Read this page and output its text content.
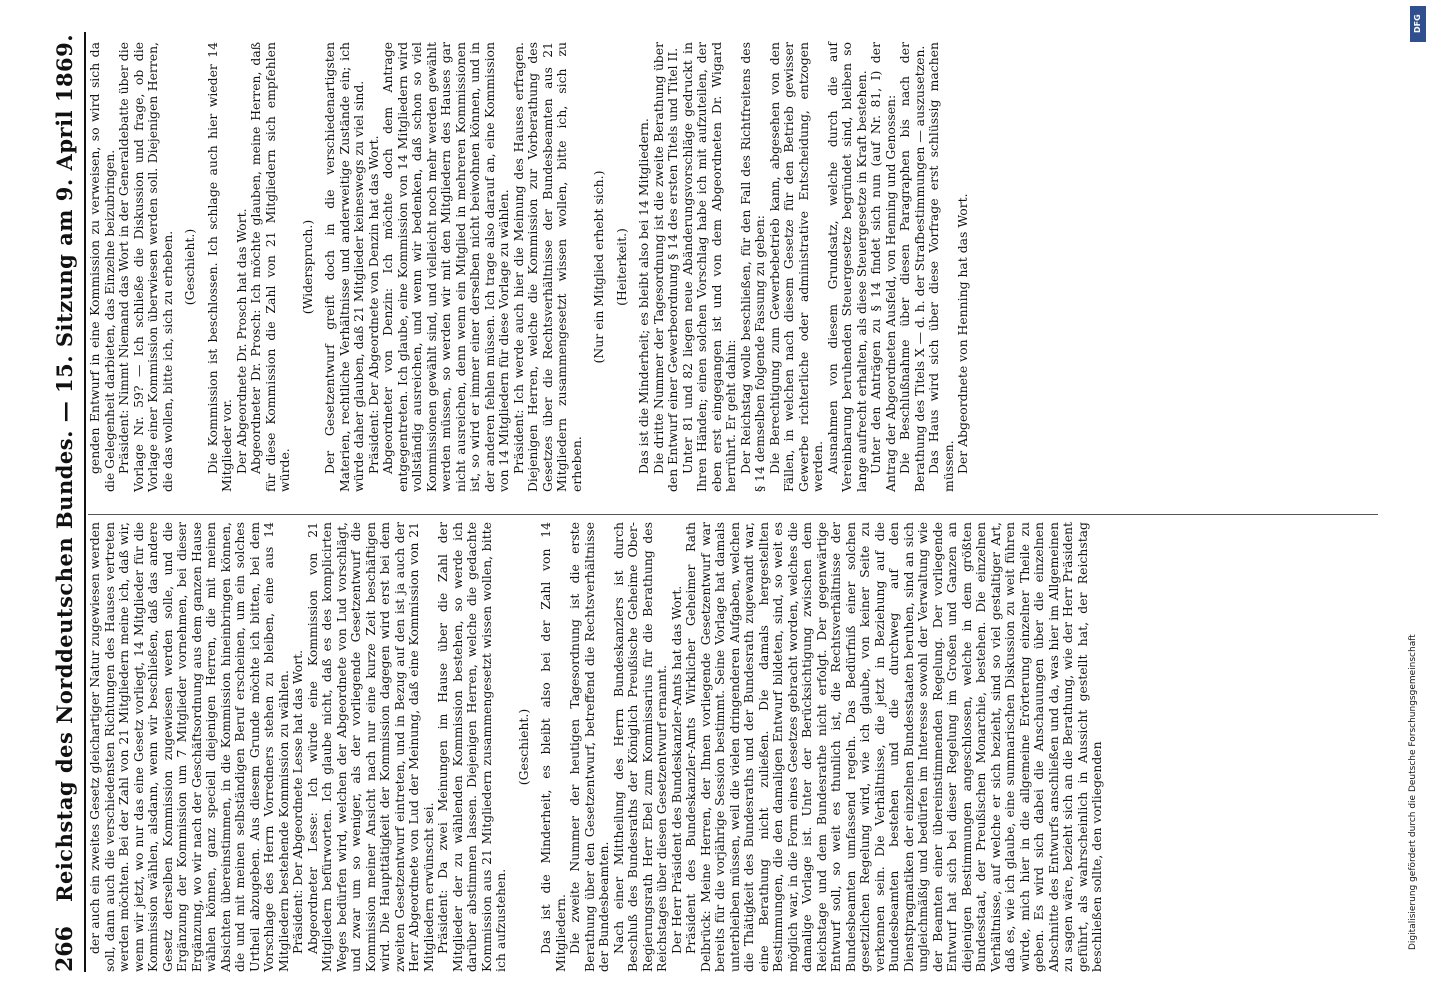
266
Reichstag des Norddeutschen Bundes. — 15. Sitzung am 9. April 1869. der auch ein zweites Gesetz gleichartiger Natur zugewiesen werden soll, dann auch die verschiedensten Richtungen des Hauses vertreten werden möchten. Bei der Zahl von 21 Mitgliedern meine ich, daß wir, wenn wir jetzt, wo nur das eine Gesetz vorliegt, 14 Mitglieder für die Kommission wählen, alsdann, wenn wir beschließen, daß das andere Gesetz derselben Kommission zugewiesen werden solle, und die Ergänzung der Kommission um 7 Mitglieder vornehmen, bei dieser Ergänzung, wo wir nach der Geschäftsordnung aus dem ganzen Hause wählen können, ganz speciell diejenigen Herren, die mit meinen Absichten übereinstimmen, in die Kommission hineinbringen können, die und mit meinen selbständigen Beruf erscheinen, um ein solches Urtheil abzugeben. Aus diesem Grunde möchte ich bitten, bei dem Vorschlage des Herrn Vorredners stehen zu bleiben, eine aus 14 Mitgliedern bestehende Kommission zu wählen. Präsident: Der Abgeordnete Lesse hat das Wort. Abgeordneter Lesse: Ich würde eine Kommission von 21 Mitgliedern befürworten. Ich glaube nicht, daß es des komplicirten Weges bedürfen wird, welchen der Abgeordnete von Lud vorschlägt, und zwar um so weniger, als der vorliegende Gesetzentwurf die Kommission meiner Ansicht nach nur eine kurze Zeit beschäftigen wird. Die Haupttätigkeit der Kommission dagegen wird erst bei dem zweiten Gesetzentwurf eintreten, und in Bezug auf den ist ja auch der Herr Abgeordnete von Lud der Meinung, daß eine Kommission von 21 Mitgliedern erwünscht sei. Präsident: Da zwei Meinungen im Hause über die Zahl der Mitglieder der zu wählenden Kommission bestehen, so werde ich darüber abstimmen lassen. Diejenigen Herren, welche die gedachte Kommission aus 21 Mitgliedern zusammengesetzt wissen wollen, bitte ich aufzustehen.

(Geschieht.) Das ist die Minderheit, es bleibt also bei der Zahl von 14 Mitgliedern. Die zweite Nummer der heutigen Tagesordnung ist die erste Berathung über den Gesetzentwurf, betreffend die Rechtsverhältnisse der Bundesbeamten. Nach einer Mittheilung des Herrn Bundeskanzlers ist durch Beschluß des Bundesraths der Königlich Preußische Geheime Ober-Regierungsrath Herr Ebel zum Kommissarius für die Berathung des Reichstages über diesen Gesetzentwurf ernannt. Der Herr Präsident des Bundeskanzler-Amts hat das Wort. Präsident des Bundeskanzler-Amts Wirklicher Geheimer Rath Delbrück: Meine Herren, der Ihnen vorliegende Gesetzentwurf war bereits für die vorjährige Session bestimmt. Seine Vorlage hat damals unterbleiben müssen, weil die vielen dringenderen Aufgaben, welchen die Thätigkeit des Bundesraths und der Bundesrath zugewandt war, eine Berathung nicht zuließen. Die damals hergestellten Bestimmungen, die den damaligen Entwurf bildeten, sind, so weit es möglich war, in die Form eines Gesetzes gebracht worden, welches die damalige Vorlage ist. Unter der Berücksichtigung zwischen dem Reichstage und dem Bundesrathe nicht erfolgt. Der gegenwärtige Entwurf soll, so weit es thunlich ist, die Rechtsverhältnisse der Bundesbeamten umfassend regeln. Das Bedürfniß einer solchen gesetzlichen Regelung wird, wie ich glaube, von keiner Seite zu verkennen sein. Die Verhältnisse, die jetzt in Beziehung auf die Bundesbeamten bestehen und die durchweg auf den Dienstpragmatiken der einzelnen Bundesstaaten beruhen, sind an sich ungleichmäßig und bedürfen im Interesse sowohl der Verwaltung wie der Beamten einer übereinstimmenden Regelung. Der vorliegende Entwurf hat sich bei dieser Regelung im Großen und Ganzen an diejenigen Bestimmungen angeschlossen, welche in dem größten Bundesstaat, der Preußischen Monarchie, bestehen. Die einzelnen Verhältnisse, auf welche er sich bezieht, sind so viel gestaltiger Art, daß es, wie ich glaube, eine summarischen Diskussion zu weit führen würde, mich hier in die allgemeine Erörterung einzelner Theile zu geben. Es wird sich dabei die Anschauungen über die einzelnen Abschnitte des Entwurfs anschließen und da, was hier im Allgemeinen zu sagen wäre, bezieht sich an die Berathung, wie der Herr Präsident geführt, als wahrscheinlich in Aussicht gestellt hat, der Reichstag beschließen sollte, den vorliegenden

genden Entwurf in eine Kommission zu verweisen, so wird sich da die Gelegenheit darbieten, das Einzelne beizubringen. Präsident: Nimmt Niemand das Wort in der Generaldebatte über die Vorlage Nr. 59? — Ich schließe die Diskussion und frage, ob die Vorlage einer Kommission überwiesen werden soll. Diejenigen Herren, die das wollen, bitte ich, sich zu erheben. (Geschieht.) Die Kommission ist beschlossen. Ich schlage auch hier wieder 14 Mitglieder vor. Der Abgeordnete Dr. Prosch hat das Wort. Abgeordneter Dr. Prosch: Ich möchte glauben, meine Herren, daß für diese Kommission die Zahl von 21 Mitgliedern sich empfehlen würde.

(Widerspruch.) Der Gesetzentwurf greift doch in die verschiedenartigsten Materien, rechtliche Verhältnisse und anderweitige Zustände ein; ich würde daher glauben, daß 21 Mitglieder keineswegs zu viel sind. Präsident: Der Abgeordnete von Denzin hat das Wort. Abgeordneter von Denzin: Ich möchte doch dem Antrage entgegentreten. Ich glaube, eine Kommission von 14 Mitgliedern wird vollständig ausreichen, und wenn wir bedenken, daß schon so viel Kommissionen gewählt sind, und vielleicht noch mehr werden gewählt werden müssen, so werden wir mit den Mitgliedern des Hauses gar nicht ausreichen, denn wenn ein Mitglied in mehreren Kommissionen ist, so wird er immer einer derselben nicht beiwohnen können, und in der anderen fehlen müssen. Ich trage also darauf an, eine Kommission von 14 Mitgliedern für diese Vorlage zu wählen. Präsident: Ich werde auch hier die Meinung des Hauses erfragen. Diejenigen Herren, welche die Kommission zur Vorberathung des Gesetzes über die Rechtsverhältnisse der Bundesbeamten aus 21 Mitgliedern zusammengesetzt wissen wollen, bitte ich, sich zu erheben.

(Nur ein Mitglied erhebt sich.) (Heiterkeit.) Das ist die Minderheit; es bleibt also bei 14 Mitgliedern. Die dritte Nummer der Tagesordnung ist die zweite Berathung über den Entwurf einer Gewerbeordnung § 14 des ersten Titels und Titel II. Unter 81 und 82 liegen neue Abänderungsvorschläge gedruckt in Ihren Händen; einen solchen Vorschlag habe ich mit aufzuteilen, der eben erst eingegangen ist und von dem Abgeordneten Dr. Wigard herrührt. Er geht dahin: Der Reichstag wolle beschließen, für den Fall des Richtfreitens des § 14 demselben folgende Fassung zu geben: Die Berechtigung zum Gewerbebetrieb kann, abgesehen von den Fällen, in welchen nach diesem Gesetze für den Betrieb gewisser Gewerbe richterliche oder administrative Entscheidung, entzogen werden. Ausnahmen von diesem Grundsatz, welche durch die auf Vereinbarung beruhenden Steuergesetze begründet sind, bleiben so lange aufrecht erhalten, als diese Steuergesetze in Kraft bestehen. Unter den Anträgen zu § 14 findet sich nun (auf Nr. 81, I) der Antrag der Abgeordneten Ausfeld, von Henning und Genossen: Die Beschlußnahme über diesen Paragraphen bis nach der Berathung des Titels X — d. h. der Strafbestimmungen — auszusetzen. Das Haus wird sich über diese Vorfrage erst schlüssig machen müssen. Der Abgeordnete von Henning hat das Wort.

DFG
Digitalisierung gefördert durch die Deutsche Forschungsgemeinschaft
